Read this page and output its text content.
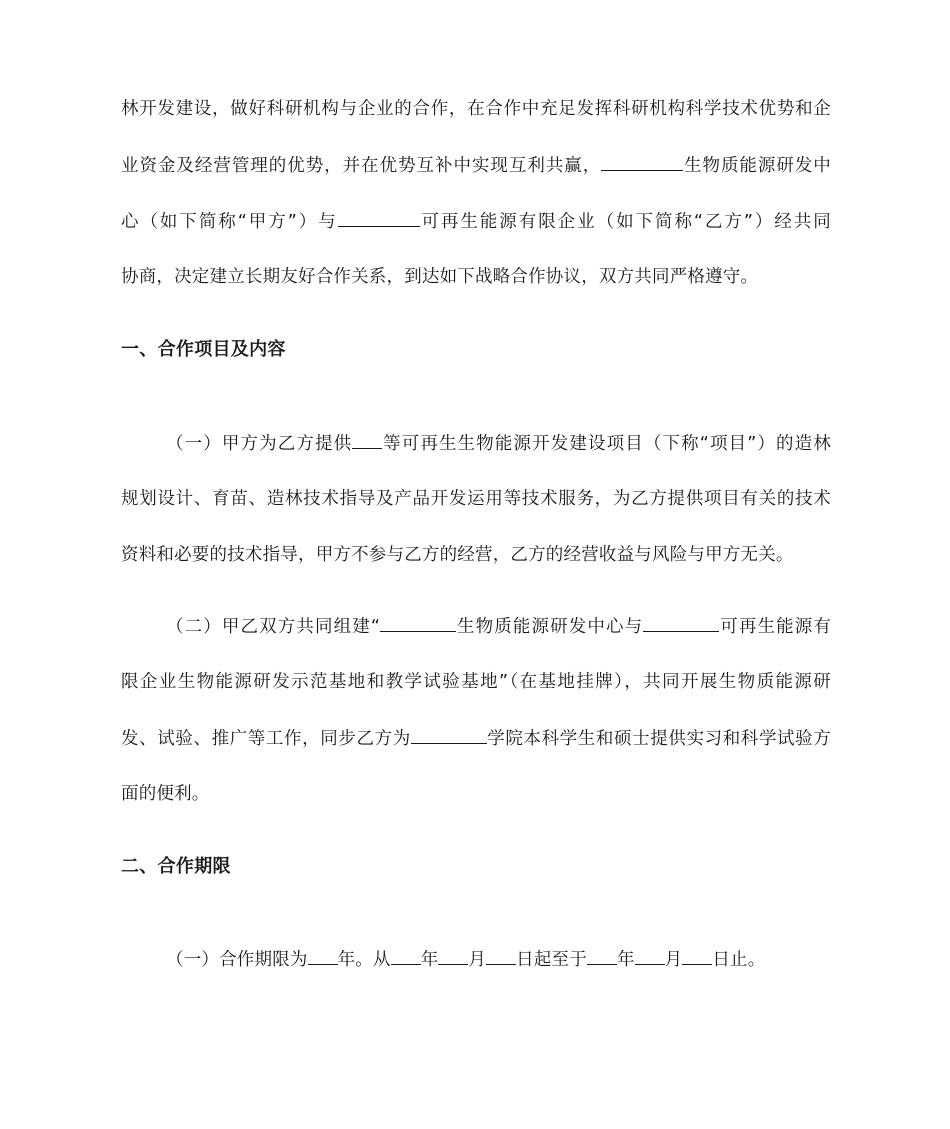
林开发建设，做好科研机构与企业的合作，在合作中充足发挥科研机构科学技术优势和企
业资金及经营管理的优势，并在优势互补中实现互利共赢，	生物质能源研发中
心（如下简称“甲方”）与	可再生能源有限企业（如下简称“乙方”）经共同
协商，决定建立长期友好合作关系，到达如下战略合作协议，双方共同严格遵守。
一、合作项目及内容
（一）甲方为乙方提供 等可再生生物能源开发建设项目（下称“项目”）的造林
规划设计、育苗、造林技术指导及产品开发运用等技术服务，为乙方提供项目有关的技术
资料和必要的技术指导，甲方不参与乙方的经营，乙方的经营收益与风险与甲方无关。
（二）甲乙双方共同组建“	生物质能源研发中心与	可再生能源有
限企业生物能源研发示范基地和教学试验基地”（在基地挂牌），共同开展生物质能源研
发、试验、推广等工作，同步乙方为	学院本科学生和硕士提供实习和科学试验方
面的便利。
二、合作期限
（一）合作期限为 年。从 年 月 日起至于 年 月 日止。
